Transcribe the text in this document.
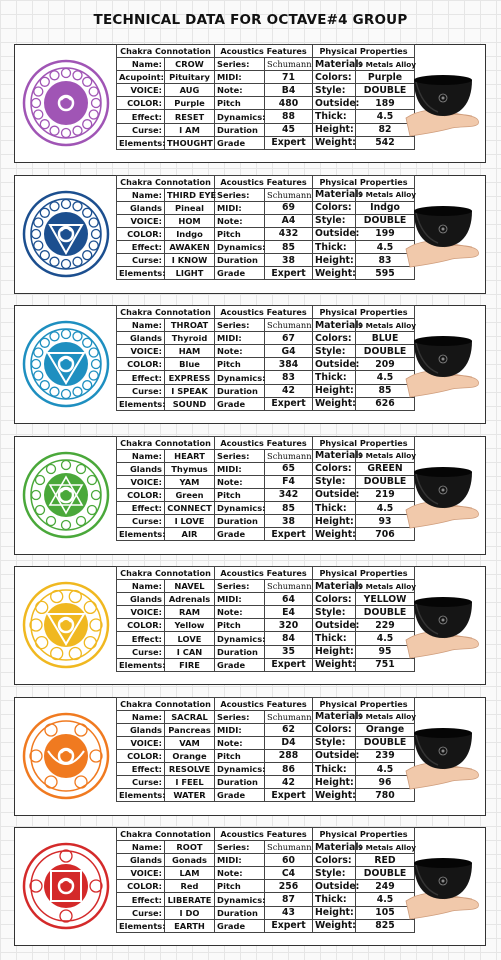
TECHNICAL DATA FOR OCTAVE#4 GROUP
Chakra Connotation		Acoustics Features		Physical Properties	
Name:	CROW	Series:	Schumann	Material:	9 Metals Alloy
Acupoint:	Pituitary	MIDI:	71	Colors:	Purple
VOICE:	AUG	Note:	B4	Style:	DOUBLE
COLOR:	Purple	Pitch	480	Outside:	189
Effect:	RESET	Dynamics:	88	Thick:	4.5
Curse:	I AM	Duration	45	Height:	82
Elements:	THOUGHT	Grade	Expert	Weight:	542
Chakra Connotation		Acoustics Features		Physical Properties	
Name:	THIRD EYE	Series:	Schumann	Material:	9 Metals Alloy
Glands	Pineal	MIDI:	69	Colors:	Indgo
VOICE:	HOM	Note:	A4	Style:	DOUBLE
COLOR:	Indgo	Pitch	432	Outside:	199
Effect:	AWAKEN	Dynamics:	85	Thick:	4.5
Curse:	I KNOW	Duration	38	Height:	83
Elements:	LIGHT	Grade	Expert	Weight:	595
Chakra Connotation		Acoustics Features		Physical Properties	
Name:	THROAT	Series:	Schumann	Material:	9 Metals Alloy
Glands	Thyroid	MIDI:	67	Colors:	BLUE
VOICE:	HAM	Note:	G4	Style:	DOUBLE
COLOR:	Blue	Pitch	384	Outside:	209
Effect:	EXPRESS	Dynamics:	83	Thick:	4.5
Curse:	I SPEAK	Duration	42	Height:	85
Elements:	SOUND	Grade	Expert	Weight:	626
Chakra Connotation		Acoustics Features		Physical Properties	
Name:	HEART	Series:	Schumann	Material:	9 Metals Alloy
Glands	Thymus	MIDI:	65	Colors:	GREEN
VOICE:	YAM	Note:	F4	Style:	DOUBLE
COLOR:	Green	Pitch	342	Outside:	219
Effect:	CONNECT	Dynamics:	85	Thick:	4.5
Curse:	I LOVE	Duration	38	Height:	93
Elements:	AIR	Grade	Expert	Weight:	706
Chakra Connotation		Acoustics Features		Physical Properties	
Name:	NAVEL	Series:	Schumann	Material:	9 Metals Alloy
Glands	Adrenals	MIDI:	64	Colors:	YELLOW
VOICE:	RAM	Note:	E4	Style:	DOUBLE
COLOR:	Yellow	Pitch	320	Outside:	229
Effect:	LOVE	Dynamics:	84	Thick:	4.5
Curse:	I CAN	Duration	35	Height:	95
Elements:	FIRE	Grade	Expert	Weight:	751
Chakra Connotation		Acoustics Features		Physical Properties	
Name:	SACRAL	Series:	Schumann	Material:	9 Metals Alloy
Glands	Pancreas	MIDI:	62	Colors:	Orange
VOICE:	VAM	Note:	D4	Style:	DOUBLE
COLOR:	Orange	Pitch	288	Outside:	239
Effect:	RESOLVE	Dynamics:	86	Thick:	4.5
Curse:	I FEEL	Duration	42	Height:	96
Elements:	WATER	Grade	Expert	Weight:	780
Chakra Connotation		Acoustics Features		Physical Properties	
Name:	ROOT	Series:	Schumann	Material:	9 Metals Alloy
Glands	Gonads	MIDI:	60	Colors:	RED
VOICE:	LAM	Note:	C4	Style:	DOUBLE
COLOR:	Red	Pitch	256	Outside:	249
Effect:	LIBERATE	Dynamics:	87	Thick:	4.5
Curse:	I DO	Duration	43	Height:	105
Elements:	EARTH	Grade	Expert	Weight:	825
